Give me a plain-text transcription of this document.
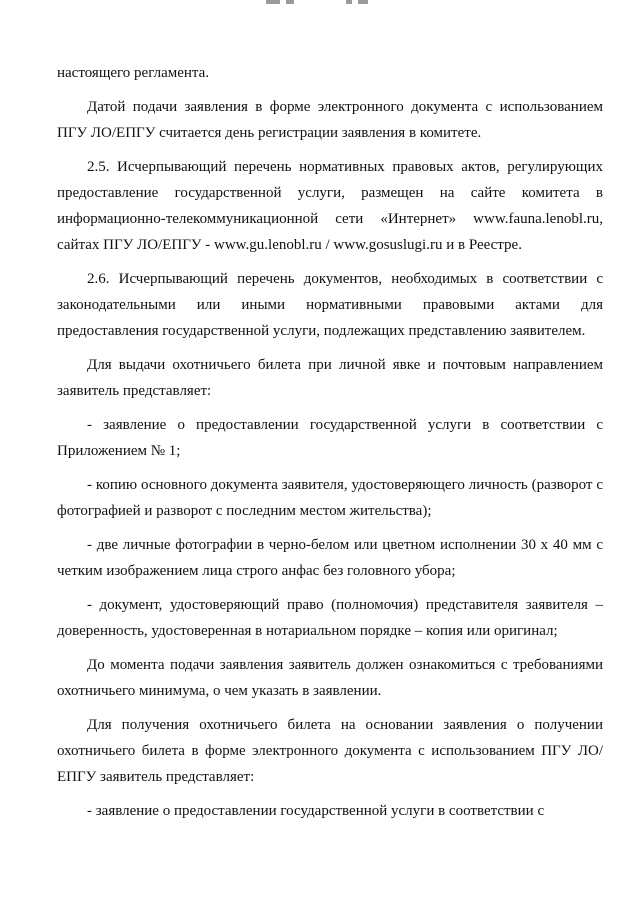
настоящего регламента.

Датой подачи заявления в форме электронного документа с использованием ПГУ ЛО/ЕПГУ считается день регистрации заявления в комитете.

2.5. Исчерпывающий перечень нормативных правовых актов, регулирующих предоставление государственной услуги, размещен на сайте комитета в информационно-телекоммуникационной сети «Интернет» www.fauna.lenobl.ru, сайтах ПГУ ЛО/ЕПГУ - www.gu.lenobl.ru / www.gosuslugi.ru и в Реестре.

2.6. Исчерпывающий перечень документов, необходимых в соответствии с законодательными или иными нормативными правовыми актами для предоставления государственной услуги, подлежащих представлению заявителем.

Для выдачи охотничьего билета при личной явке и почтовым направлением заявитель представляет:

- заявление о предоставлении государственной услуги в соответствии с Приложением № 1;

- копию основного документа заявителя, удостоверяющего личность (разворот с фотографией и разворот с последним местом жительства);

- две личные фотографии в черно-белом или цветном исполнении 30 х 40 мм с четким изображением лица строго анфас без головного убора;

- документ, удостоверяющий право (полномочия) представителя заявителя – доверенность, удостоверенная в нотариальном порядке – копия или оригинал;

До момента подачи заявления заявитель должен ознакомиться с требованиями охотничьего минимума, о чем указать в заявлении.

Для получения охотничьего билета на основании заявления о получении охотничьего билета в форме электронного документа с использованием ПГУ ЛО/ЕПГУ заявитель представляет:

- заявление о предоставлении государственной услуги в соответствии с
